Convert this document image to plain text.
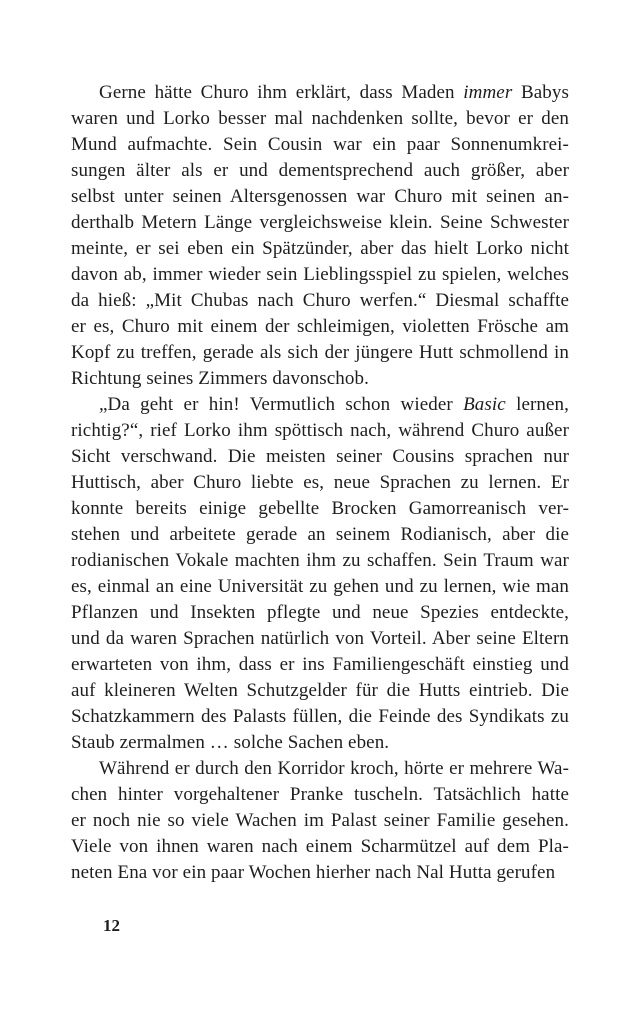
Gerne hätte Churo ihm erklärt, dass Maden immer Babys
waren und Lorko besser mal nachdenken sollte, bevor er den
Mund aufmachte. Sein Cousin war ein paar Sonnenumkrei-
sungen älter als er und dementsprechend auch größer, aber
selbst unter seinen Altersgenossen war Churo mit seinen an-
derthalb Metern Länge vergleichsweise klein. Seine Schwester
meinte, er sei eben ein Spätzünder, aber das hielt Lorko nicht
davon ab, immer wieder sein Lieblingsspiel zu spielen, welches
da hieß: „Mit Chubas nach Churo werfen.“ Diesmal schaffte
er es, Churo mit einem der schleimigen, violetten Frösche am
Kopf zu treffen, gerade als sich der jüngere Hutt schmollend in
Richtung seines Zimmers davonschob.
„Da geht er hin! Vermutlich schon wieder Basic lernen,
richtig?“, rief Lorko ihm spöttisch nach, während Churo außer
Sicht verschwand. Die meisten seiner Cousins sprachen nur
Huttisch, aber Churo liebte es, neue Sprachen zu lernen. Er
konnte bereits einige gebellte Brocken Gamorreanisch ver-
stehen und arbeitete gerade an seinem Rodianisch, aber die
rodianischen Vokale machten ihm zu schaffen. Sein Traum war
es, einmal an eine Universität zu gehen und zu lernen, wie man
Pflanzen und Insekten pflegte und neue Spezies entdeckte,
und da waren Sprachen natürlich von Vorteil. Aber seine Eltern
erwarteten von ihm, dass er ins Familiengeschäft einstieg und
auf kleineren Welten Schutzgelder für die Hutts eintrieb. Die
Schatzkammern des Palasts füllen, die Feinde des Syndikats zu
Staub zermalmen … solche Sachen eben.
Während er durch den Korridor kroch, hörte er mehrere Wa-
chen hinter vorgehaltener Pranke tuscheln. Tatsächlich hatte
er noch nie so viele Wachen im Palast seiner Familie gesehen.
Viele von ihnen waren nach einem Scharmützel auf dem Pla-
neten Ena vor ein paar Wochen hierher nach Nal Hutta gerufen
12
